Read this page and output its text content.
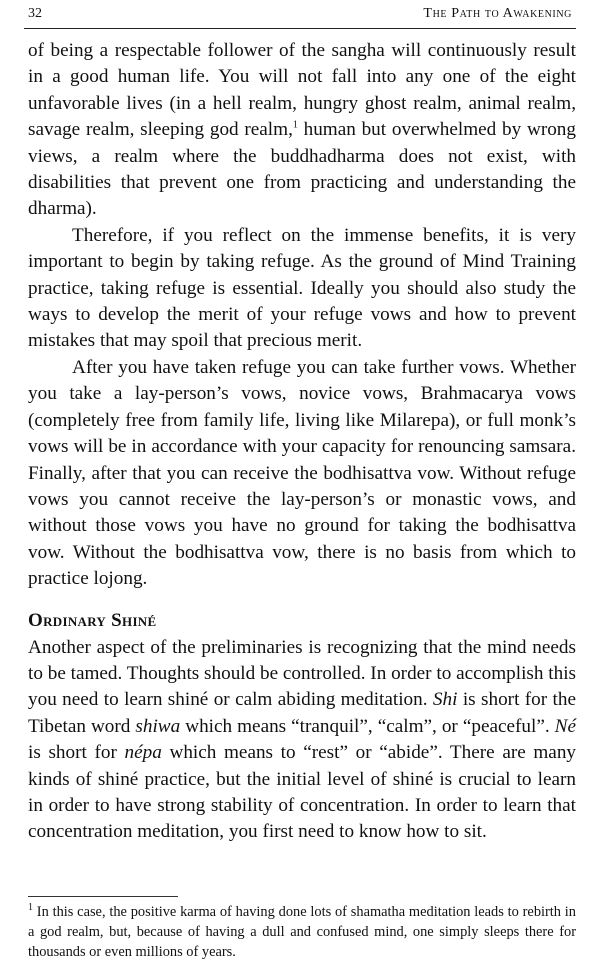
32	The Path to Awakening

of being a respectable follower of the sangha will continuously result in a good human life. You will not fall into any one of the eight unfavorable lives (in a hell realm, hungry ghost realm, animal realm, savage realm, sleeping god realm,$^1$ human but overwhelmed by wrong views, a realm where the buddhadharma does not exist, with disabilities that prevent one from practicing and understanding the dharma).

Therefore, if you reflect on the immense benefits, it is very important to begin by taking refuge. As the ground of Mind Training practice, taking refuge is essential. Ideally you should also study the ways to develop the merit of your refuge vows and how to prevent mistakes that may spoil that precious merit.

After you have taken refuge you can take further vows. Whether you take a lay-person’s vows, novice vows, Brahmacarya vows (completely free from family life, living like Milarepa), or full monk’s vows will be in accordance with your capacity for renouncing samsara. Finally, after that you can receive the bodhisattva vow. Without refuge vows you cannot receive the lay-person’s or monastic vows, and without those vows you have no ground for taking the bodhisattva vow. Without the bodhisattva vow, there is no basis from which to practice lojong.

Ordinary Shiné

Another aspect of the preliminaries is recognizing that the mind needs to be tamed. Thoughts should be controlled. In order to accomplish this you need to learn shiné or calm abiding meditation. Shi is short for the Tibetan word shiwa which means “tranquil”, “calm”, or “peaceful”. Né is short for népa which means to “rest” or “abide”. There are many kinds of shiné practice, but the initial level of shiné is crucial to learn in order to have strong stability of concentration. In order to learn that concentration meditation, you first need to know how to sit.

$^1$ In this case, the positive karma of having done lots of shamatha meditation leads to rebirth in a god realm, but, because of having a dull and confused mind, one simply sleeps there for thousands or even millions of years.
